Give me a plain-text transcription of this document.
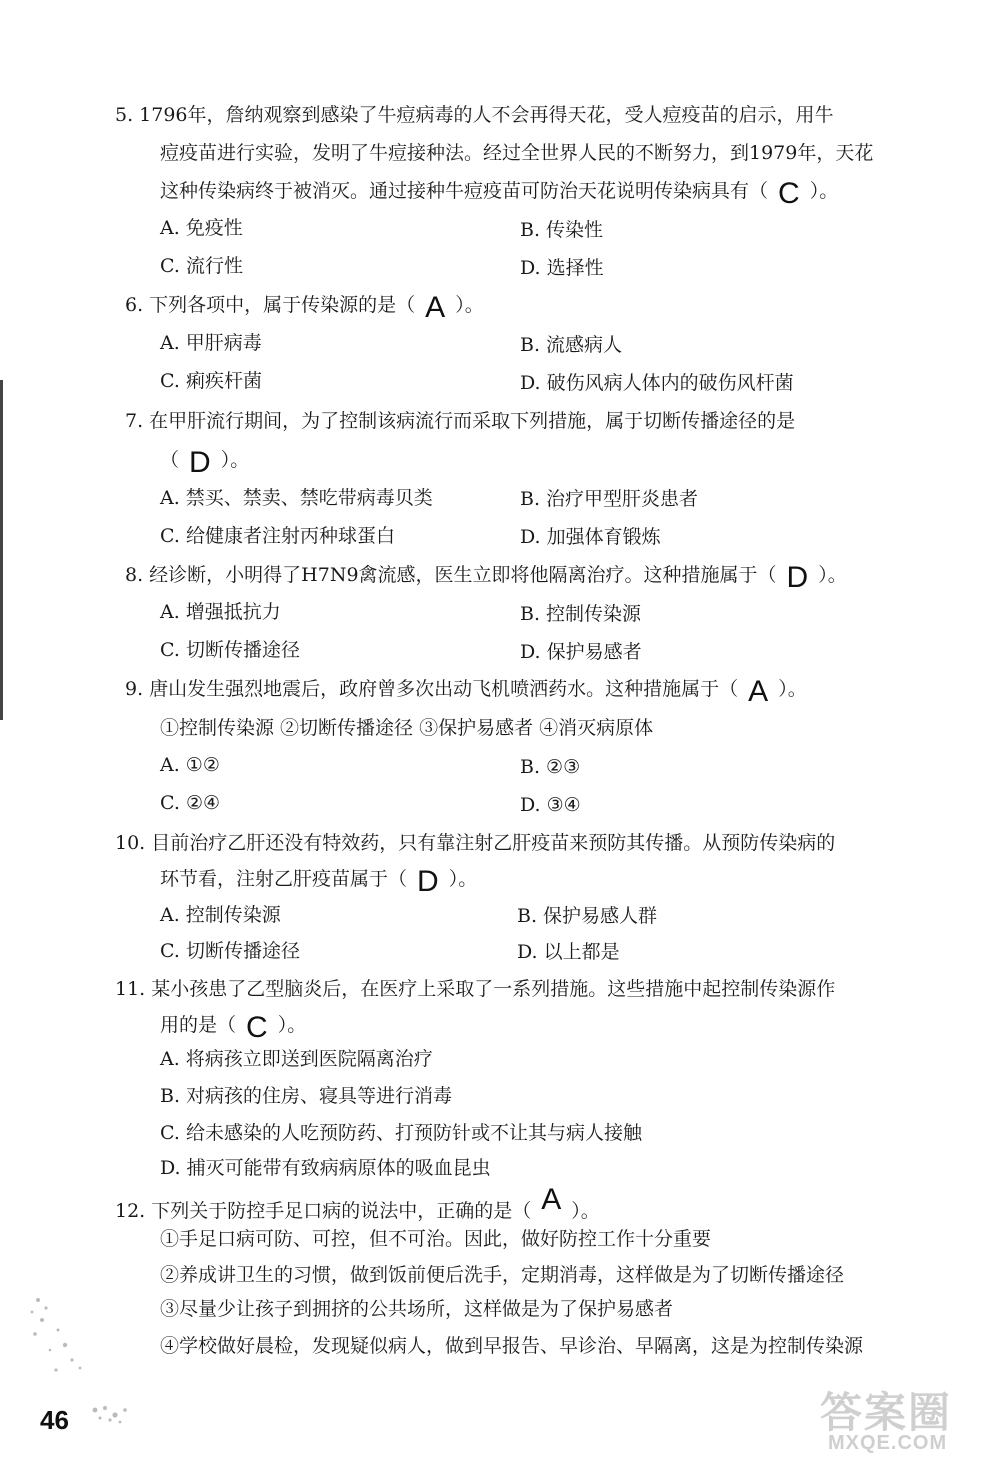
5. 1796年，詹纳观察到感染了牛痘病毒的人不会再得天花，受人痘疫苗的启示，用牛
痘疫苗进行实验，发明了牛痘接种法。经过全世界人民的不断努力，到1979年，天花
这种传染病终于被消灭。通过接种牛痘疫苗可防治天花说明传染病具有（ C ）。
A. 免疫性	B. 传染性
C. 流行性	D. 选择性
6. 下列各项中，属于传染源的是（ A ）。
A. 甲肝病毒	B. 流感病人
C. 痢疾杆菌	D. 破伤风病人体内的破伤风杆菌
7. 在甲肝流行期间，为了控制该病流行而采取下列措施，属于切断传播途径的是
（ D ）。
A. 禁买、禁卖、禁吃带病毒贝类	B. 治疗甲型肝炎患者
C. 给健康者注射丙种球蛋白	D. 加强体育锻炼
8. 经诊断，小明得了H7N9禽流感，医生立即将他隔离治疗。这种措施属于（ D ）。
A. 增强抵抗力	B. 控制传染源
C. 切断传播途径	D. 保护易感者
9. 唐山发生强烈地震后，政府曾多次出动飞机喷洒药水。这种措施属于（ A ）。
①控制传染源 ②切断传播途径 ③保护易感者 ④消灭病原体
A. ①②	B. ②③
C. ②④	D. ③④
10. 目前治疗乙肝还没有特效药，只有靠注射乙肝疫苗来预防其传播。从预防传染病的
环节看，注射乙肝疫苗属于（ D ）。
A. 控制传染源	B. 保护易感人群
C. 切断传播途径	D. 以上都是
11. 某小孩患了乙型脑炎后，在医疗上采取了一系列措施。这些措施中起控制传染源作
用的是（ C ）。
A. 将病孩立即送到医院隔离治疗
B. 对病孩的住房、寝具等进行消毒
C. 给未感染的人吃预防药、打预防针或不让其与病人接触
D. 捕灭可能带有致病病原体的吸血昆虫
12. 下列关于防控手足口病的说法中，正确的是（ A ）。
①手足口病可防、可控，但不可治。因此，做好防控工作十分重要
②养成讲卫生的习惯，做到饭前便后洗手，定期消毒，这样做是为了切断传播途径
③尽量少让孩子到拥挤的公共场所，这样做是为了保护易感者
④学校做好晨检，发现疑似病人，做到早报告、早诊治、早隔离，这是为控制传染源
46	答案圈
MXQE.COM
